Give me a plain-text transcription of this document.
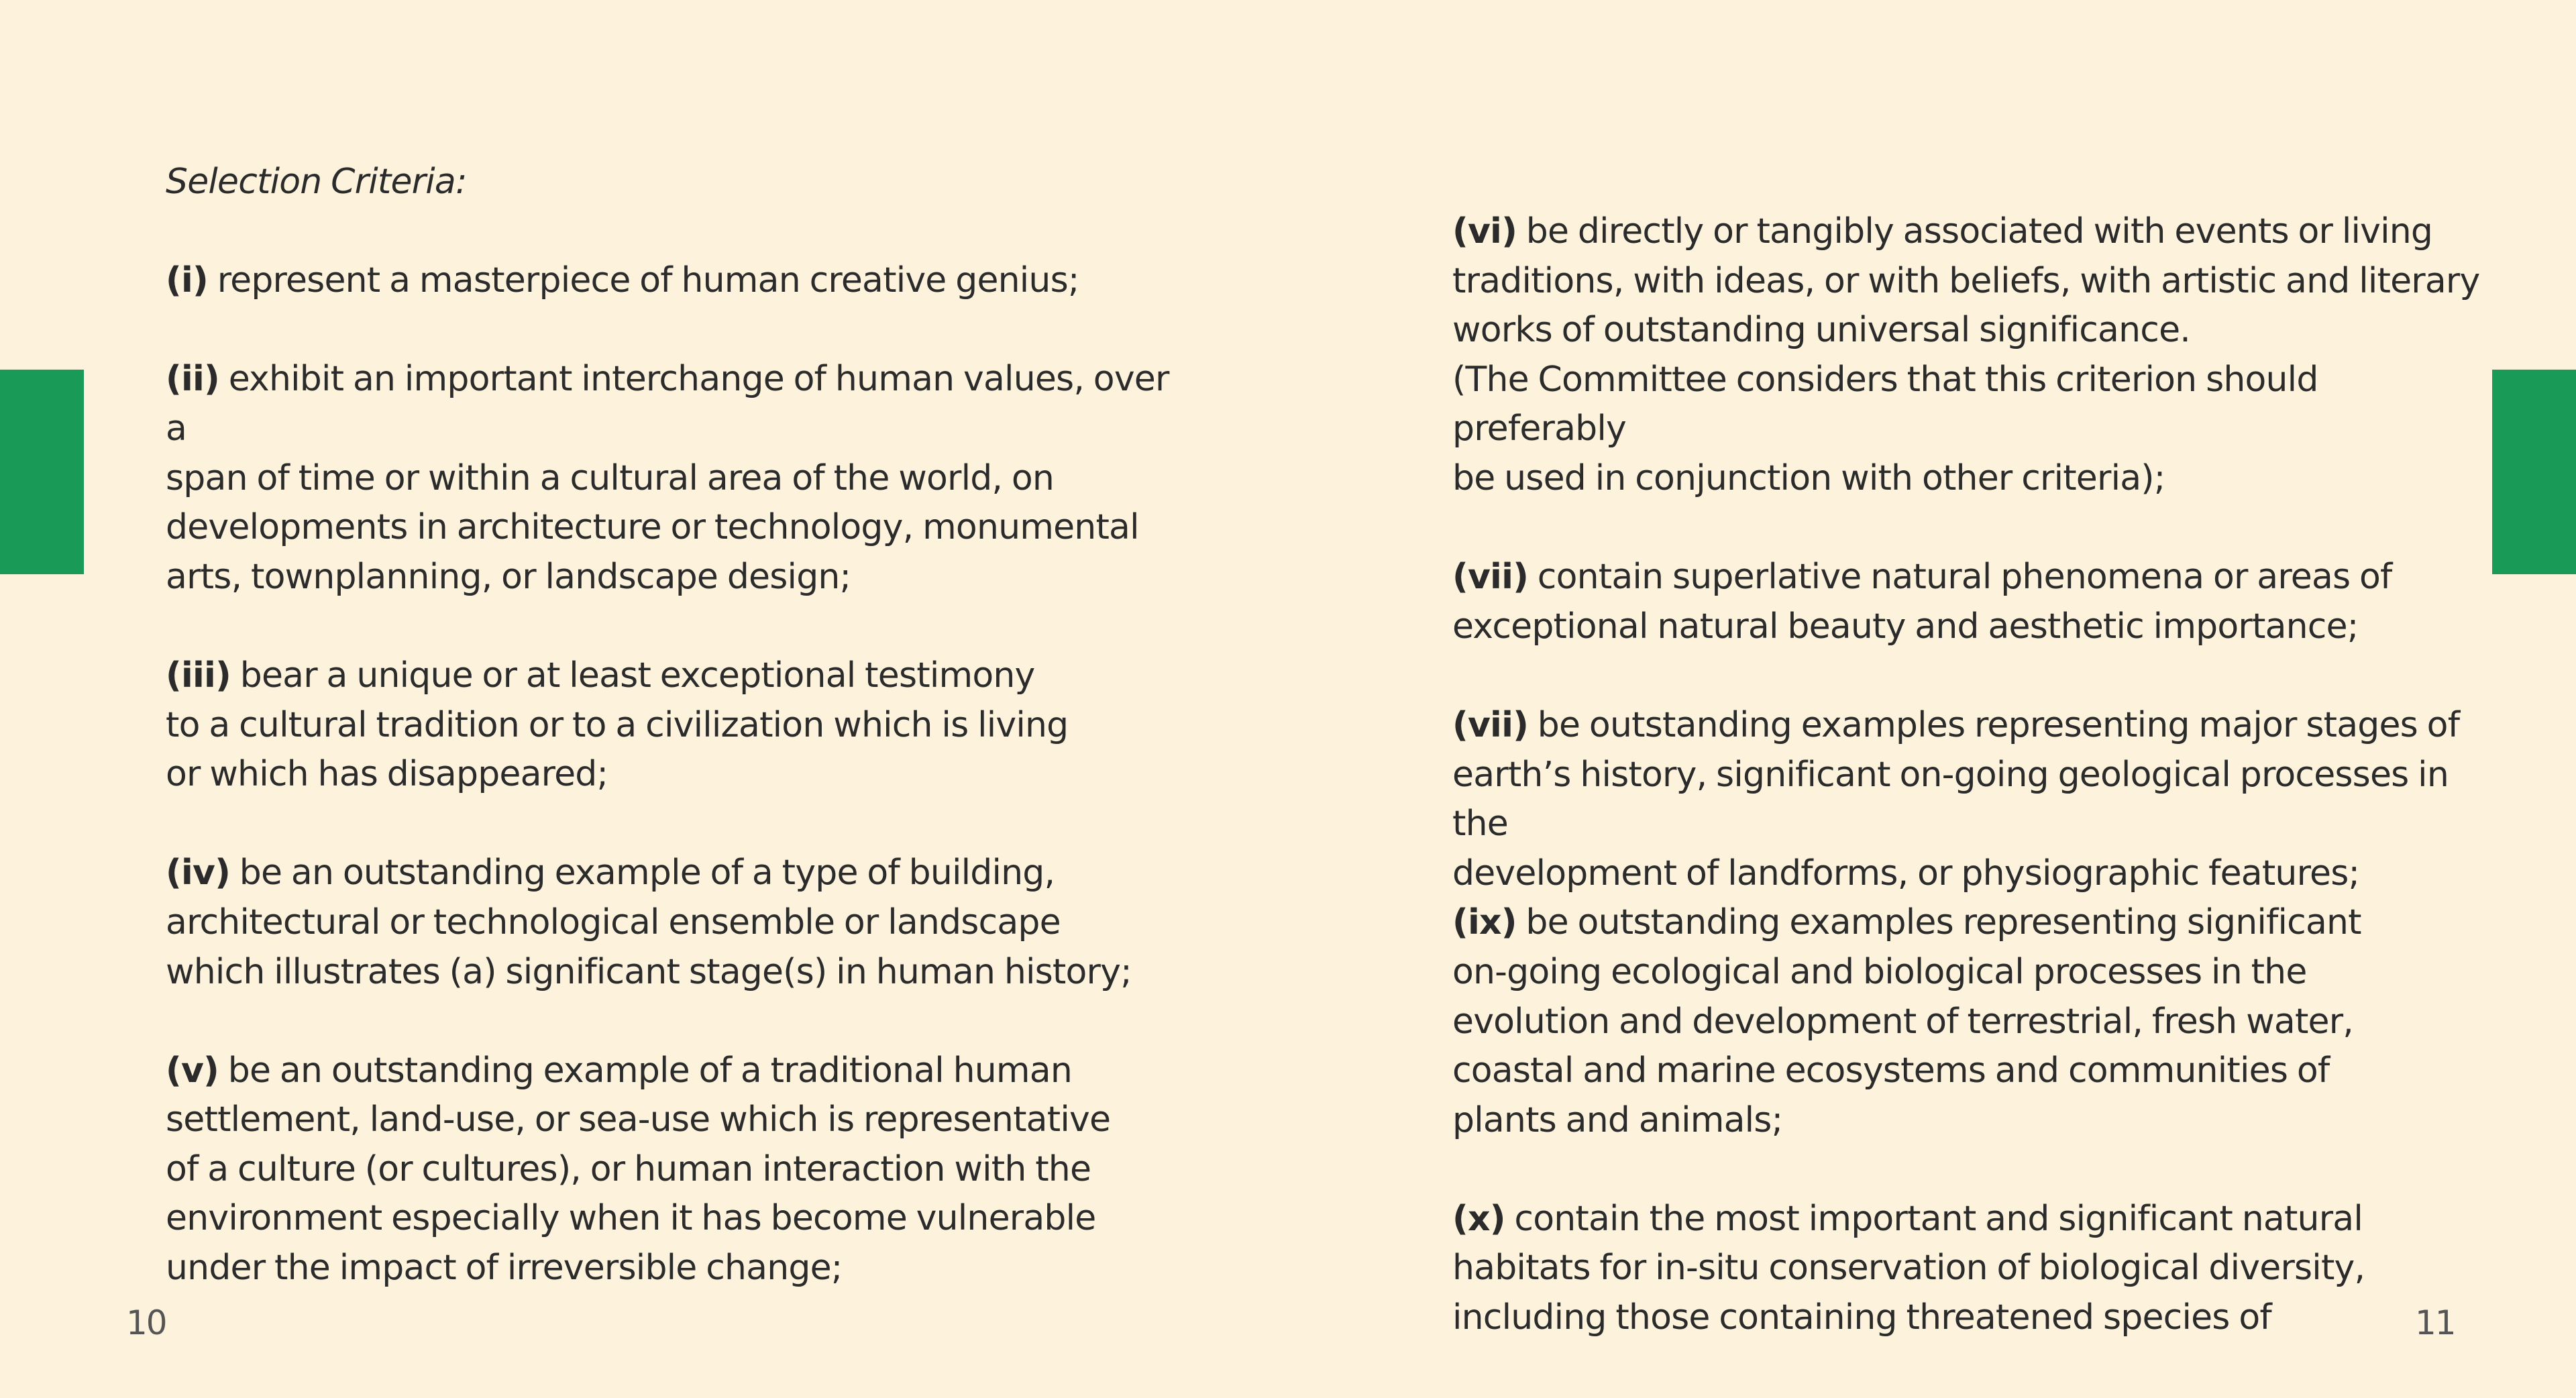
Selection Criteria:

(i) represent a masterpiece of human creative genius;

(ii) exhibit an important interchange of human values, over a
span of time or within a cultural area of the world, on
developments in architecture or technology, monumental
arts, townplanning, or landscape design;

(iii) bear a unique or at least exceptional testimony
to a cultural tradition or to a civilization which is living
or which has disappeared;

(iv) be an outstanding example of a type of building,
architectural or technological ensemble or landscape
which illustrates (a) significant stage(s) in human history;

(v) be an outstanding example of a traditional human
settlement, land-use, or sea-use which is representative
of a culture (or cultures), or human interaction with the
environment especially when it has become vulnerable
under the impact of irreversible change;

(vi) be directly or tangibly associated with events or living
traditions, with ideas, or with beliefs, with artistic and literary
works of outstanding universal significance.
(The Committee considers that this criterion should preferably
be used in conjunction with other criteria);

(vii) contain superlative natural phenomena or areas of
exceptional natural beauty and aesthetic importance;

(vii) be outstanding examples representing major stages of
earth’s history, significant on-going geological processes in the
development of landforms, or physiographic features;

(ix) be outstanding examples representing significant
on-going ecological and biological processes in the
evolution and development of terrestrial, fresh water,
coastal and marine ecosystems and communities of
plants and animals;

(x) contain the most important and significant natural
habitats for in-situ conservation of biological diversity,
including those containing threatened species of

10	11
